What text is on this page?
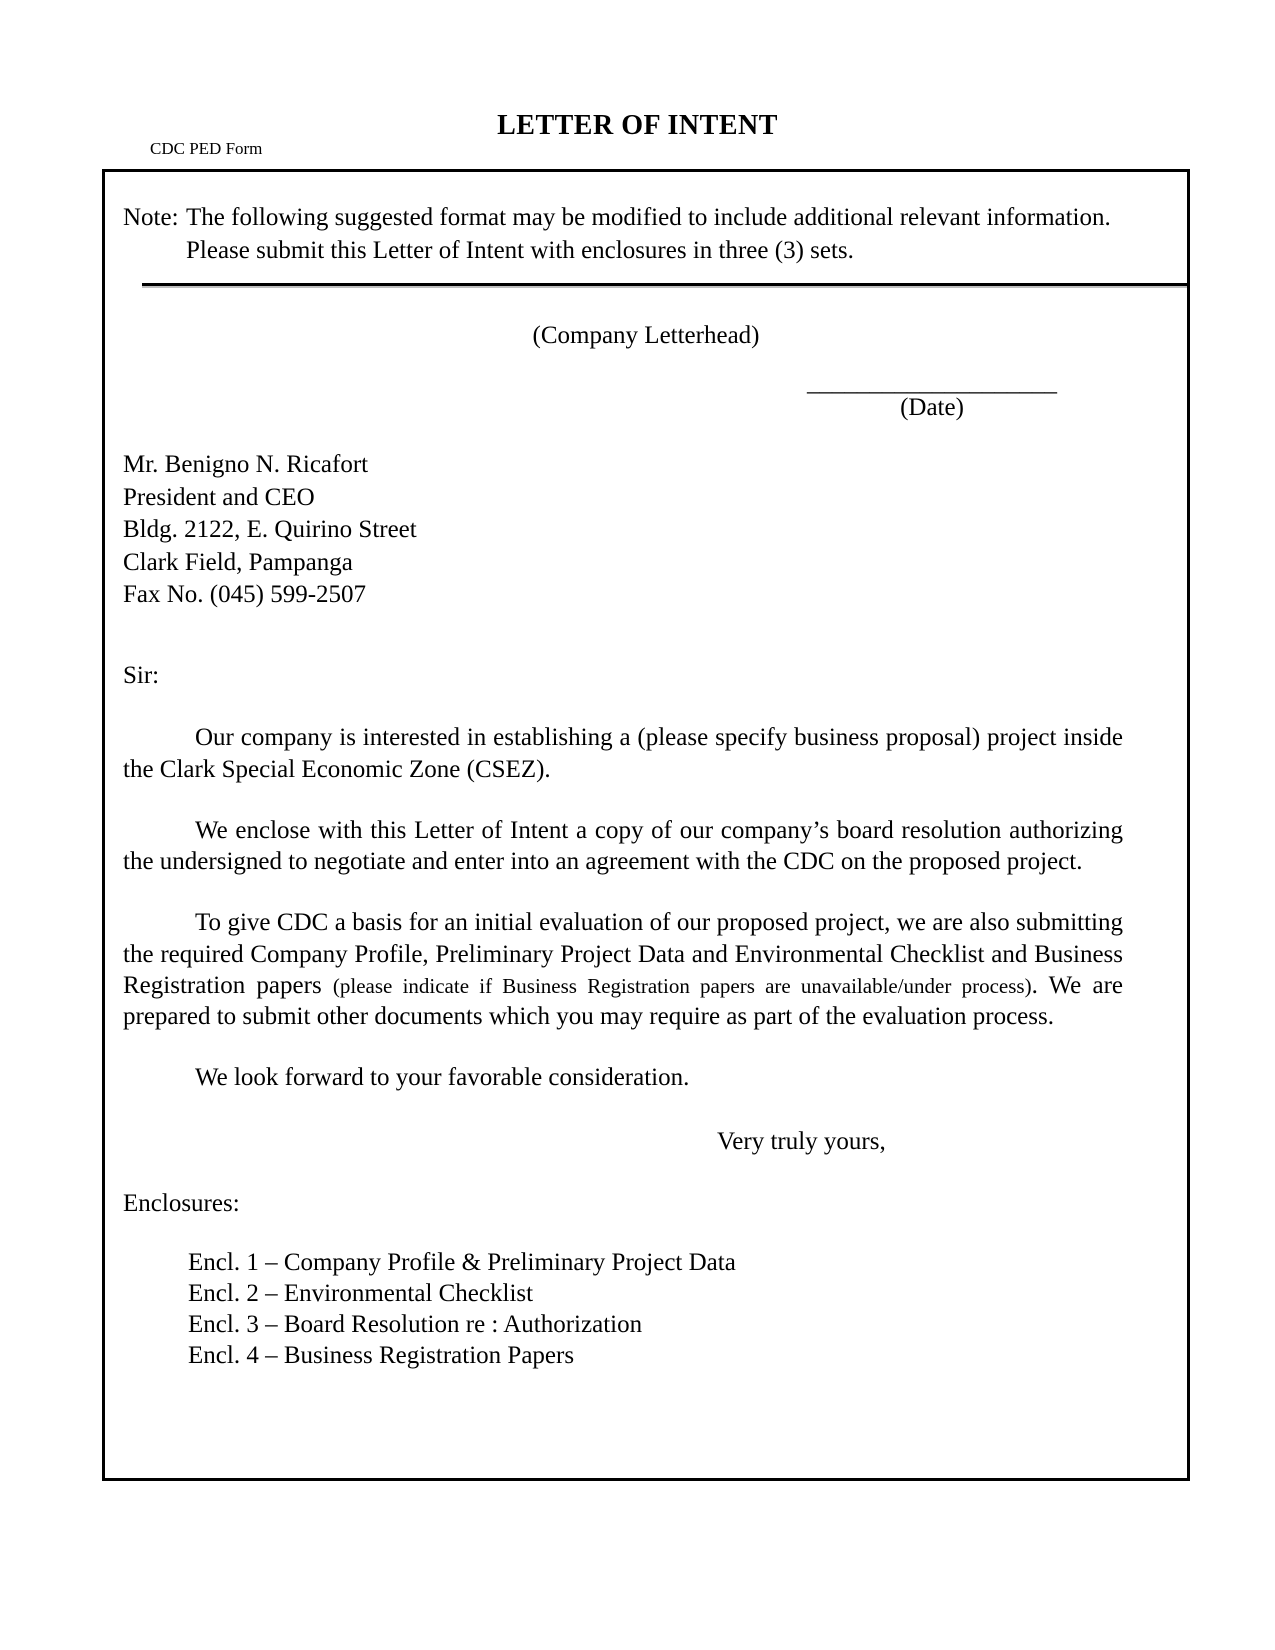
LETTER OF INTENT
CDC PED Form
Note: The following suggested format may be modified to include additional relevant information.
Please submit this Letter of Intent with enclosures in three (3) sets.
(Company Letterhead)
____________________
(Date)
Mr. Benigno N. Ricafort
President and CEO
Bldg. 2122, E. Quirino Street
Clark Field, Pampanga
Fax No. (045) 599-2507
Sir:

Our company is interested in establishing a (please specify business proposal) project inside the Clark Special Economic Zone (CSEZ).

We enclose with this Letter of Intent a copy of our company’s board resolution authorizing the undersigned to negotiate and enter into an agreement with the CDC on the proposed project.

To give CDC a basis for an initial evaluation of our proposed project, we are also submitting the required Company Profile, Preliminary Project Data and Environmental Checklist and Business Registration papers (please indicate if Business Registration papers are unavailable/under process). We are prepared to submit other documents which you may require as part of the evaluation process.

We look forward to your favorable consideration.

Very truly yours,
Enclosures:
Encl. 1 – Company Profile & Preliminary Project Data
Encl. 2 – Environmental Checklist
Encl. 3 – Board Resolution re : Authorization
Encl. 4 – Business Registration Papers
